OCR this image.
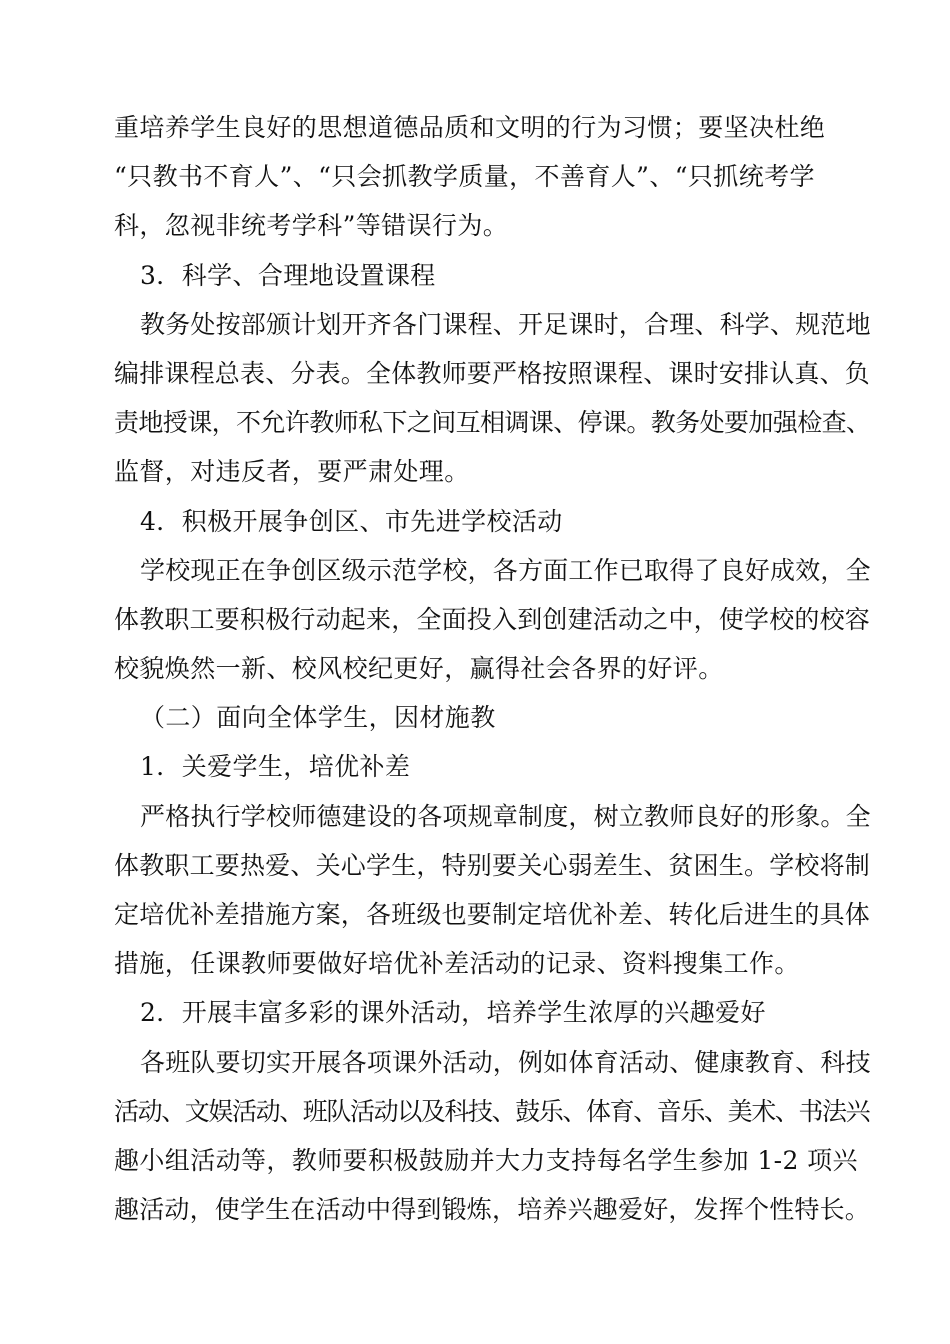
重培养学生良好的思想道德品质和文明的行为习惯；要坚决杜绝
“只教书不育人”、“只会抓教学质量，不善育人”、“只抓统考学
科，忽视非统考学科”等错误行为。
3．科学、合理地设置课程
教务处按部颁计划开齐各门课程、开足课时，合理、科学、规范地
编排课程总表、分表。全体教师要严格按照课程、课时安排认真、负
责地授课，不允许教师私下之间互相调课、停课。教务处要加强检查、
监督，对违反者，要严肃处理。
4．积极开展争创区、市先进学校活动
学校现正在争创区级示范学校，各方面工作已取得了良好成效，全
体教职工要积极行动起来，全面投入到创建活动之中，使学校的校容
校貌焕然一新、校风校纪更好，赢得社会各界的好评。
（二）面向全体学生，因材施教
1．关爱学生，培优补差
严格执行学校师德建设的各项规章制度，树立教师良好的形象。全
体教职工要热爱、关心学生，特别要关心弱差生、贫困生。学校将制
定培优补差措施方案，各班级也要制定培优补差、转化后进生的具体
措施，任课教师要做好培优补差活动的记录、资料搜集工作。
2．开展丰富多彩的课外活动，培养学生浓厚的兴趣爱好
各班队要切实开展各项课外活动，例如体育活动、健康教育、科技
活动、文娱活动、班队活动以及科技、鼓乐、体育、音乐、美术、书法兴
趣小组活动等，教师要积极鼓励并大力支持每名学生参加 1-2 项兴
趣活动，使学生在活动中得到锻炼，培养兴趣爱好，发挥个性特长。
